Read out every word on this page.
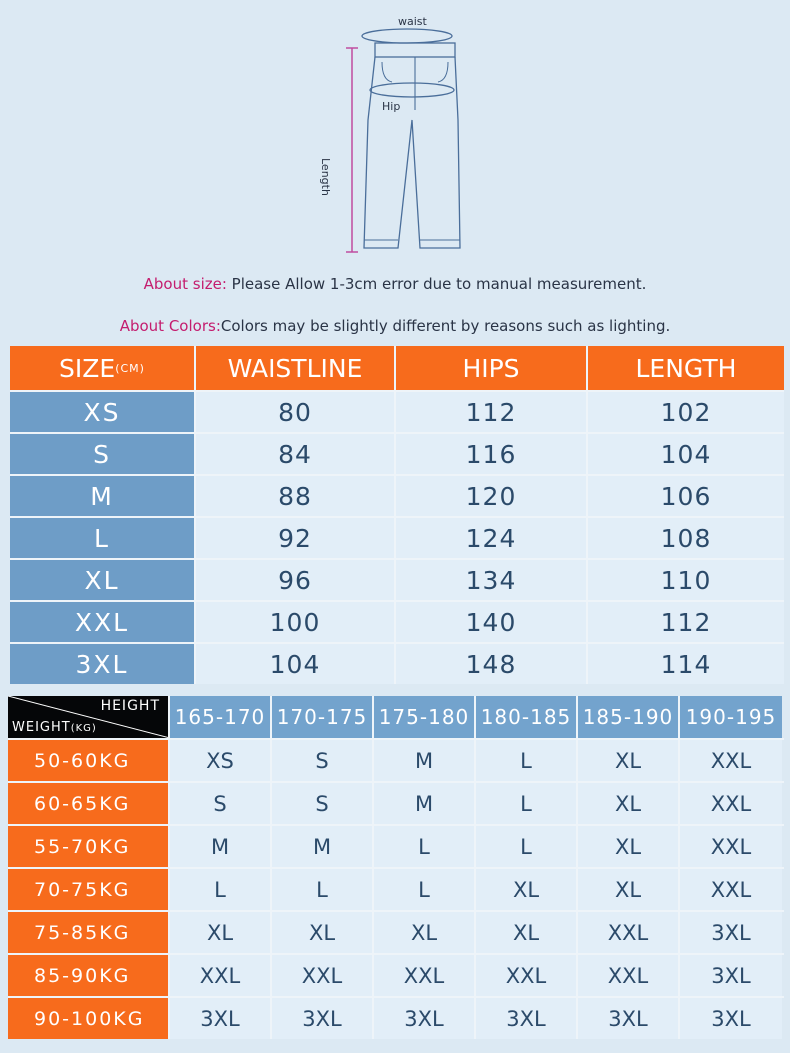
waist
Hip
Length
About size: Please Allow 1-3cm error due to manual measurement.
About Colors:Colors may be slightly different by reasons such as lighting.
SIZE (CM)	WAISTLINE	HIPS	LENGTH
XS	80	112	102
S	84	116	104
M	88	120	106
L	92	124	108
XL	96	134	110
XXL	100	140	112
3XL	104	148	114
HEIGHT
WEIGHT(KG)	165-170 170-175 175-180 180-185 185-190 190-195
50-60KG	XS	S	M	L	XL	XXL
60-65KG	S	S	M	L	XL	XXL
55-70KG	M	M	L	L	XL	XXL
70-75KG	L	L	L	XL	XL	XXL
75-85KG	XL	XL	XL	XL	XXL	3XL
85-90KG	XXL	XXL	XXL	XXL	XXL	3XL
90-100KG	3XL	3XL	3XL	3XL	3XL	3XL
